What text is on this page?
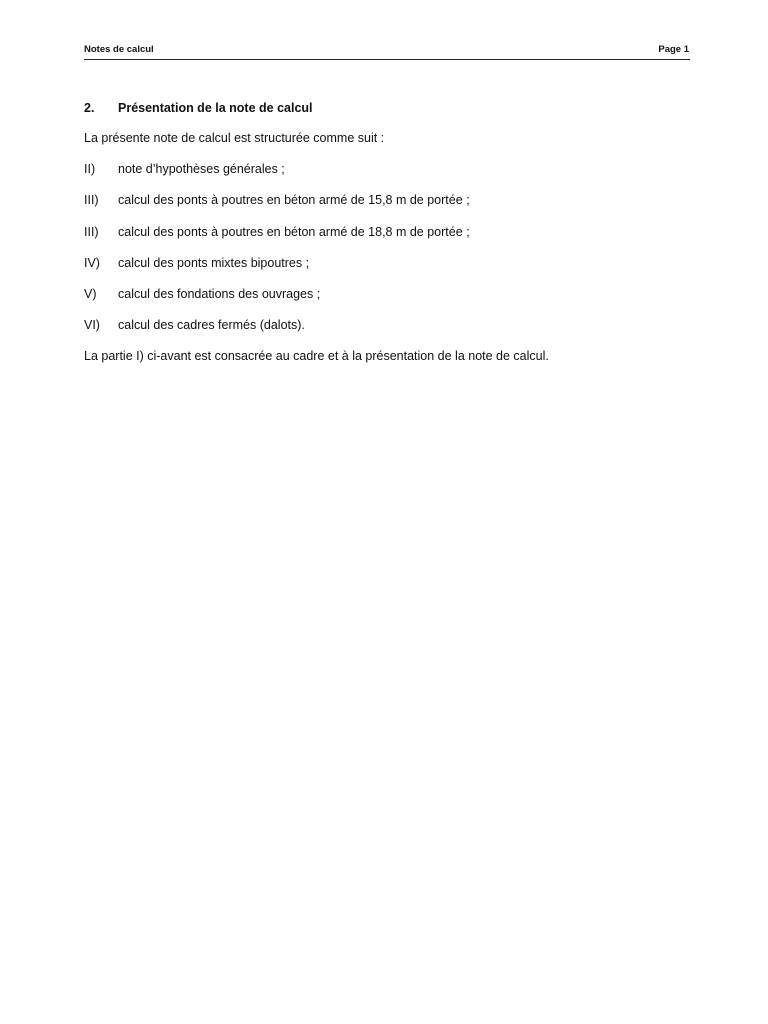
Notes de calcul	Page 1
2.	Présentation de la note de calcul
La présente note de calcul est structurée comme suit :
II)	note d’hypothèses générales ;
III)	calcul des ponts à poutres en béton armé de 15,8 m de portée ;
III)	calcul des ponts à poutres en béton armé de 18,8 m de portée ;
IV)	calcul des ponts mixtes bipoutres ;
V)	calcul des fondations des ouvrages ;
VI)	calcul des cadres fermés (dalots).
La partie I) ci-avant est consacrée au cadre et à la présentation de la note de calcul.
